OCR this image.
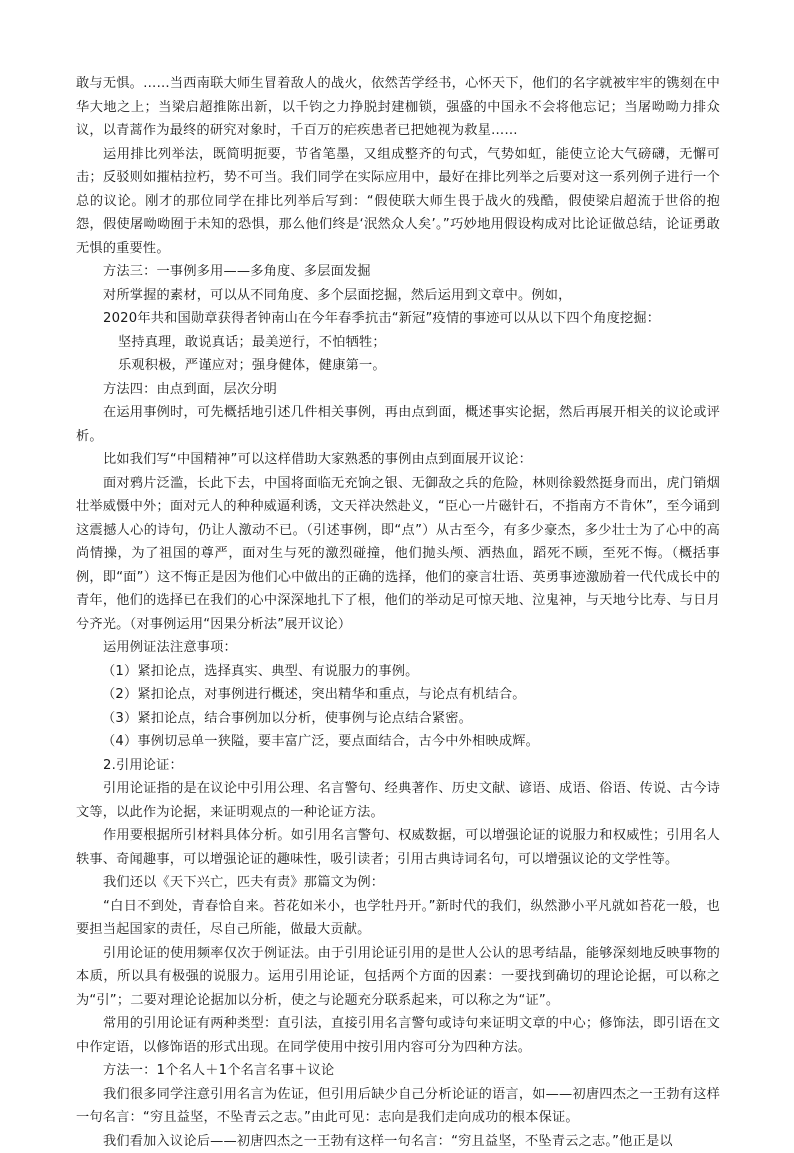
敢与无惧。……当西南联大师生冒着敌人的战火，依然苦学经书，心怀天下，他们的名字就被牢牢的镌刻在中华大地之上；当梁启超推陈出新，以千钧之力挣脱封建枷锁，强盛的中国永不会将他忘记；当屠呦呦力排众议，以青蒿作为最终的研究对象时，千百万的疟疾患者已把她视为救星……

运用排比列举法，既简明扼要，节省笔墨，又组成整齐的句式，气势如虹，能使立论大气磅礴，无懈可击；反驳则如摧枯拉朽，势不可当。我们同学在实际应用中，最好在排比列举之后要对这一系列例子进行一个总的议论。刚才的那位同学在排比列举后写到：“假使联大师生畏于战火的残酷，假使梁启超流于世俗的抱怨，假使屠呦呦囿于未知的恐惧，那么他们终是‘泯然众人矣’。”巧妙地用假设构成对比论证做总结，论证勇敢无惧的重要性。

方法三：一事例多用——多角度、多层面发掘

对所掌握的素材，可以从不同角度、多个层面挖掘，然后运用到文章中。例如，

2020年共和国勋章获得者钟南山在今年春季抗击“新冠”疫情的事迹可以从以下四个角度挖掘：

坚持真理，敢说真话；最美逆行，不怕牺牲；

乐观积极，严谨应对；强身健体，健康第一。

方法四：由点到面，层次分明

在运用事例时，可先概括地引述几件相关事例，再由点到面，概述事实论据，然后再展开相关的议论或评析。

比如我们写“中国精神”可以这样借助大家熟悉的事例由点到面展开议论：

面对鸦片泛滥，长此下去，中国将面临无充饷之银、无御敌之兵的危险，林则徐毅然挺身而出，虎门销烟壮举威慑中外；面对元人的种种威逼利诱，文天祥决然赴义，“臣心一片磁针石，不指南方不肯休”，至今诵到这震撼人心的诗句，仍让人激动不已。（引述事例，即“点”）从古至今，有多少豪杰，多少壮士为了心中的高尚情操，为了祖国的尊严，面对生与死的激烈碰撞，他们抛头颅、洒热血，蹈死不顾，至死不悔。（概括事例，即“面”）这不悔正是因为他们心中做出的正确的选择，他们的豪言壮语、英勇事迹激励着一代代成长中的青年，他们的选择已在我们的心中深深地扎下了根，他们的举动足可惊天地、泣鬼神，与天地兮比寿、与日月兮齐光。（对事例运用“因果分析法”展开议论）

运用例证法注意事项：

（1）紧扣论点，选择真实、典型、有说服力的事例。

（2）紧扣论点，对事例进行概述，突出精华和重点，与论点有机结合。

（3）紧扣论点，结合事例加以分析，使事例与论点结合紧密。

（4）事例切忌单一狭隘，要丰富广泛，要点面结合，古今中外相映成辉。

2.引用论证：

引用论证指的是在议论中引用公理、名言警句、经典著作、历史文献、谚语、成语、俗语、传说、古今诗文等，以此作为论据，来证明观点的一种论证方法。

作用要根据所引材料具体分析。如引用名言警句、权威数据，可以增强论证的说服力和权威性；引用名人轶事、奇闻趣事，可以增强论证的趣味性，吸引读者；引用古典诗词名句，可以增强议论的文学性等。

我们还以《天下兴亡，匹夫有责》那篇文为例：

“白日不到处，青春恰自来。苔花如米小，也学牡丹开。”新时代的我们，纵然渺小平凡就如苔花一般，也要担当起国家的责任，尽自己所能，做最大贡献。

引用论证的使用频率仅次于例证法。由于引用论证引用的是世人公认的思考结晶，能够深刻地反映事物的本质，所以具有极强的说服力。运用引用论证，包括两个方面的因素：一要找到确切的理论论据，可以称之为“引”；二要对理论论据加以分析，使之与论题充分联系起来，可以称之为“证”。

常用的引用论证有两种类型：直引法，直接引用名言警句或诗句来证明文章的中心；修饰法，即引语在文中作定语，以修饰语的形式出现。在同学使用中按引用内容可分为四种方法。

方法一：1个名人＋1个名言名事＋议论

我们很多同学注意引用名言为佐证，但引用后缺少自己分析论证的语言，如——初唐四杰之一王勃有这样一句名言：“穷且益坚，不坠青云之志。”由此可见：志向是我们走向成功的根本保证。

我们看加入议论后——初唐四杰之一王勃有这样一句名言：“穷且益坚，不坠青云之志。”他正是以
